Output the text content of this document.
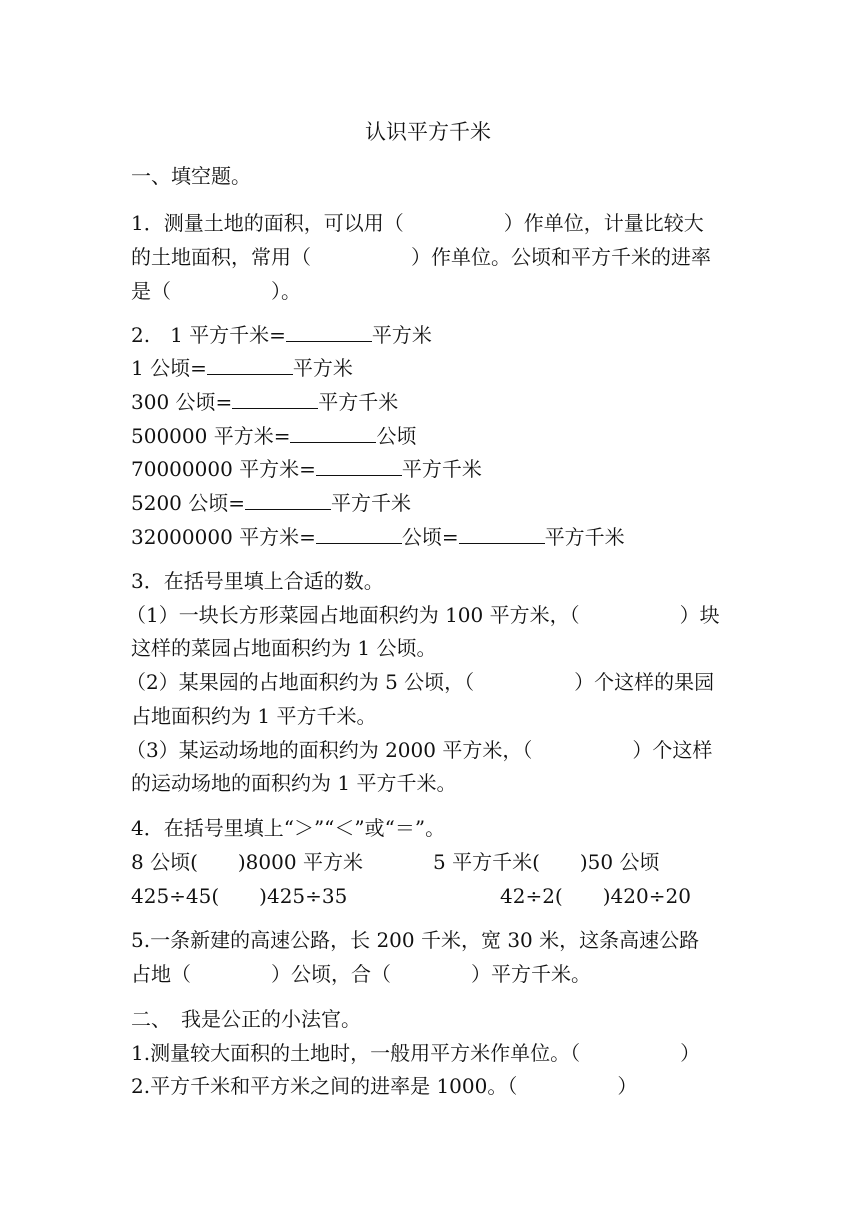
认识平方千米
一、填空题。
1．测量土地的面积，可以用（　　　　　）作单位，计量比较大
的土地面积，常用（　　　　　）作单位。公顷和平方千米的进率
是（　　　　　）。
2.　1 平方千米=	平方米
1 公顷=	平方米
300 公顷=	平方千米
500000 平方米=	公顷
70000000 平方米=	平方千米
5200 公顷=	平方千米
32000000 平方米=	公顷=	平方千米
3．在括号里填上合适的数。
（1）一块长方形菜园占地面积约为 100 平方米，（　　　　　）块
这样的菜园占地面积约为 1 公顷。
（2）某果园的占地面积约为 5 公顷，（　　　　　）个这样的果园
占地面积约为 1 平方千米。
（3）某运动场地的面积约为 2000 平方米，（　　　　　）个这样
的运动场地的面积约为 1 平方千米。
4．在括号里填上“＞”“＜”或“＝”。
8 公顷(　　)8000 平方米	5 平方千米(　　)50 公顷
425÷45(　　)425÷35	42÷2(　　)420÷20
5.一条新建的高速公路，长 200 千米，宽 30 米，这条高速公路
占地（　　　　）公顷，合（　　　　）平方千米。
二、　我是公正的小法官。
1.测量较大面积的土地时，一般用平方米作单位。（　　　　　）
2.平方千米和平方米之间的进率是 1000。（　　　　　）
